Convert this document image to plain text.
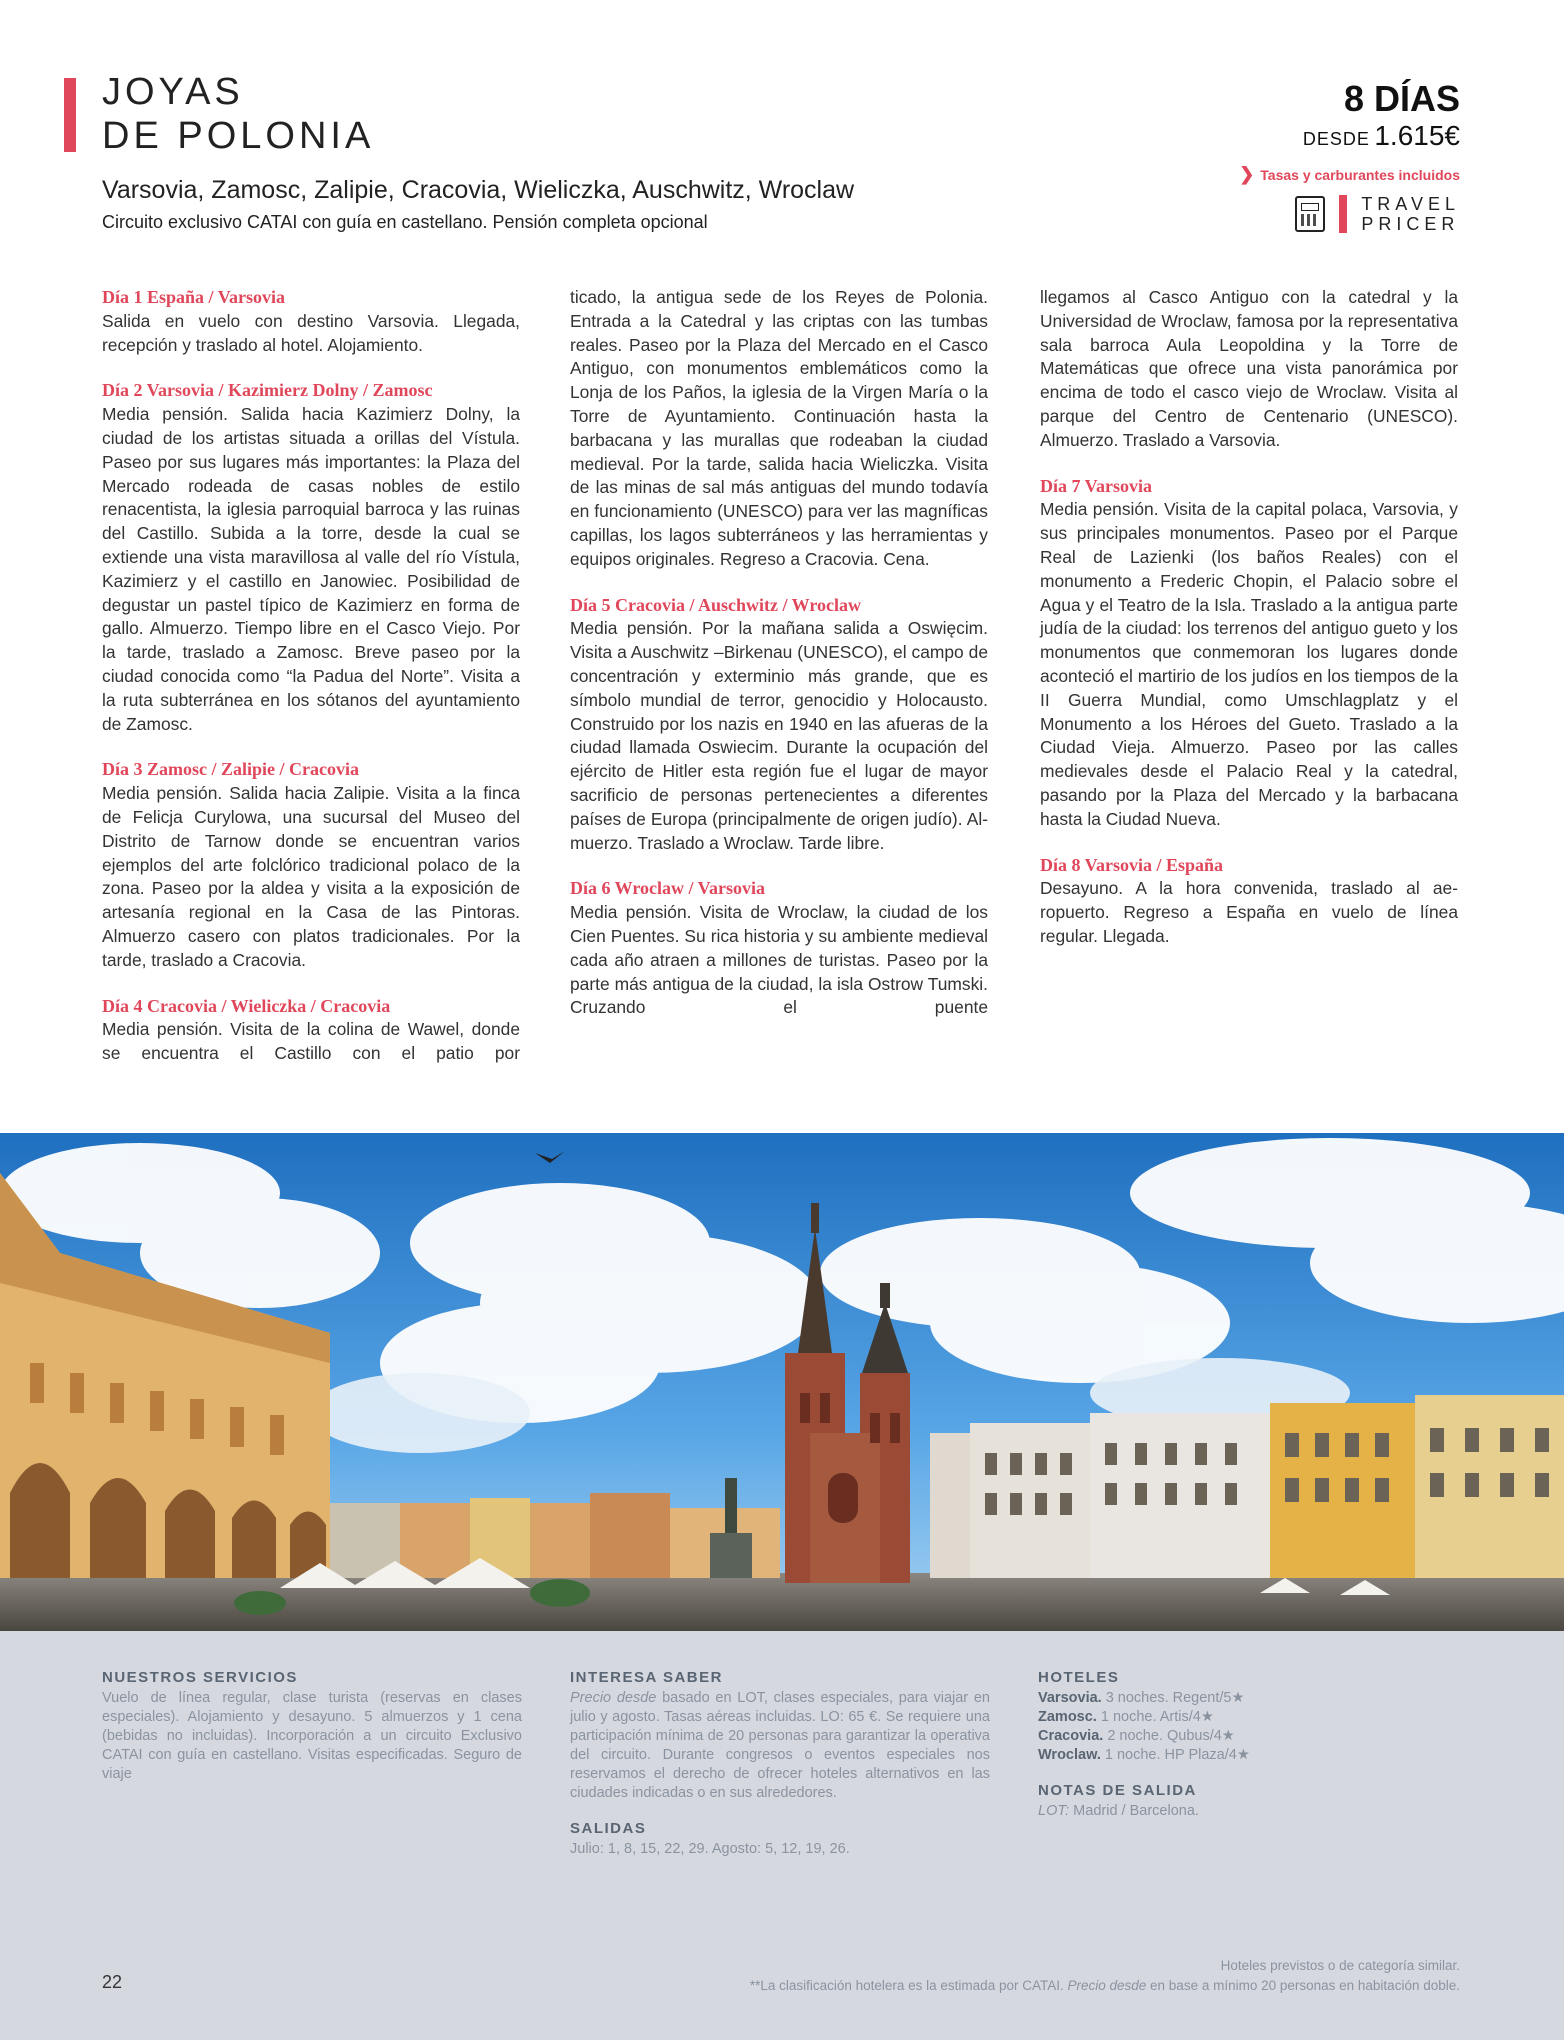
JOYAS
DE POLONIA
Varsovia, Zamosc, Zalipie, Cracovia, Wieliczka, Auschwitz, Wroclaw
Circuito exclusivo CATAI con guía en castellano. Pensión completa opcional
8 DÍAS
DESDE 1.615€
❯ Tasas y carburantes incluidos
TRAVEL
PRICER
Día 1 España / Varsovia

Salida en vuelo con destino Varsovia. Llegada, recepción y traslado al hotel. Alojamiento.

Día 2 Varsovia / Kazimierz Dolny / Zamosc

Media pensión. Salida hacia Kazimierz Dolny, la ciudad de los artistas situada a orillas del Vístula. Paseo por sus lugares más importantes: la Plaza del Mercado rodeada de casas nobles de estilo renacentista, la iglesia parroquial barroca y las ruinas del Castillo. Subida a la torre, desde la cual se extiende una vista maravillosa al valle del río Vístula, Kazimierz y el castillo en Janowiec. Posibilidad de degustar un pastel típico de Kazimierz en forma de gallo. Almuerzo. Tiempo libre en el Casco Viejo. Por la tarde, traslado a Zamosc. Breve paseo por la ciudad conocida como “la Padua del Norte”. Visita a la ruta subterránea en los sótanos del ayuntamiento de Zamosc.

Día 3 Zamosc / Zalipie / Cracovia

Media pensión. Salida hacia Zalipie. Visita a la finca de Felicja Curylowa, una sucursal del Museo del Distrito de Tarnow donde se encuentran varios ejemplos del arte folclórico tradicional polaco de la zona. Paseo por la aldea y visita a la exposición de artesanía regional en la Casa de las Pintoras. Almuerzo casero con platos tradicionales. Por la tarde, traslado a Cracovia.

Día 4 Cracovia / Wieliczka / Cracovia

Media pensión. Visita de la colina de Wawel, donde se encuentra el Castillo con el patio por

ticado, la antigua sede de los Reyes de Polonia. Entrada a la Catedral y las criptas con las tumbas reales. Paseo por la Plaza del Mercado en el Casco Antiguo, con monumentos emblemáticos como la Lonja de los Paños, la iglesia de la Virgen María o la Torre de Ayuntamiento. Continuación hasta la barbacana y las murallas que rodeaban la ciudad medieval. Por la tarde, salida hacia Wieliczka. Visita de las minas de sal más antiguas del mundo todavía en funcionamiento (UNESCO) para ver las magníficas capillas, los lagos subterráneos y las herramientas y equipos originales. Regreso a Cracovia. Cena.

Día 5 Cracovia / Auschwitz / Wroclaw

Media pensión. Por la mañana salida a Oswięcim. Visita a Auschwitz –Birkenau (UNESCO), el campo de concentración y exterminio más grande, que es símbolo mundial de terror, genocidio y Holocausto. Construido por los nazis en 1940 en las afueras de la ciudad llamada Oswiecim. Durante la ocupación del ejército de Hitler esta región fue el lugar de mayor sacrificio de personas pertenecientes a diferentes países de Europa (principalmente de origen judío). Almuerzo. Traslado a Wroclaw. Tarde libre.

Día 6 Wroclaw / Varsovia

Media pensión. Visita de Wroclaw, la ciudad de los Cien Puentes. Su rica historia y su ambiente medieval cada año atraen a millones de turistas. Paseo por la parte más antigua de la ciudad, la isla Ostrow Tumski. Cruzando el puente

llegamos al Casco Antiguo con la catedral y la Universidad de Wroclaw, famosa por la representativa sala barroca Aula Leopoldina y la Torre de Matemáticas que ofrece una vista panorámica por encima de todo el casco viejo de Wroclaw. Visita al parque del Centro de Centenario (UNESCO). Almuerzo. Traslado a Varsovia.

Día 7 Varsovia

Media pensión. Visita de la capital polaca, Varsovia, y sus principales monumentos. Paseo por el Parque Real de Lazienki (los baños Reales) con el monumento a Frederic Chopin, el Palacio sobre el Agua y el Teatro de la Isla. Traslado a la antigua parte judía de la ciudad: los terrenos del antiguo gueto y los monumentos que conmemoran los lugares donde aconteció el martirio de los judíos en los tiempos de la II Guerra Mundial, como Umschlagplatz y el Monumento a los Héroes del Gueto. Traslado a la Ciudad Vieja. Almuerzo. Paseo por las calles medievales desde el Palacio Real y la catedral, pasando por la Plaza del Mercado y la barbacana hasta la Ciudad Nueva.

Día 8 Varsovia / España

Desayuno. A la hora convenida, traslado al aeropuerto. Regreso a España en vuelo de línea regular. Llegada.

NUESTROS SERVICIOS
Vuelo de línea regular, clase turista (reservas en clases especiales). Alojamiento y desayuno. 5 almuerzos y 1 cena (bebidas no incluidas). Incorporación a un circuito Exclusivo CATAI con guía en castellano. Visitas especificadas. Seguro de viaje
INTERESA SABER
Precio desde basado en LOT, clases especiales, para viajar en julio y agosto. Tasas aéreas incluidas. LO: 65 €. Se requiere una participación mínima de 20 personas para garantizar la operativa del circuito. Durante congresos o eventos especiales nos reservamos el derecho de ofrecer hoteles alternativos en las ciudades indicadas o en sus alrededores.
SALIDAS
Julio: 1, 8, 15, 22, 29. Agosto: 5, 12, 19, 26.
HOTELES
Varsovia. 3 noches. Regent/5★
Zamosc. 1 noche. Artis/4★
Cracovia. 2 noche. Qubus/4★
Wroclaw. 1 noche. HP Plaza/4★
NOTAS DE SALIDA
LOT: Madrid / Barcelona.
22
Hoteles previstos o de categoría similar.
**La clasificación hotelera es la estimada por CATAI. Precio desde en base a mínimo 20 personas en habitación doble.
